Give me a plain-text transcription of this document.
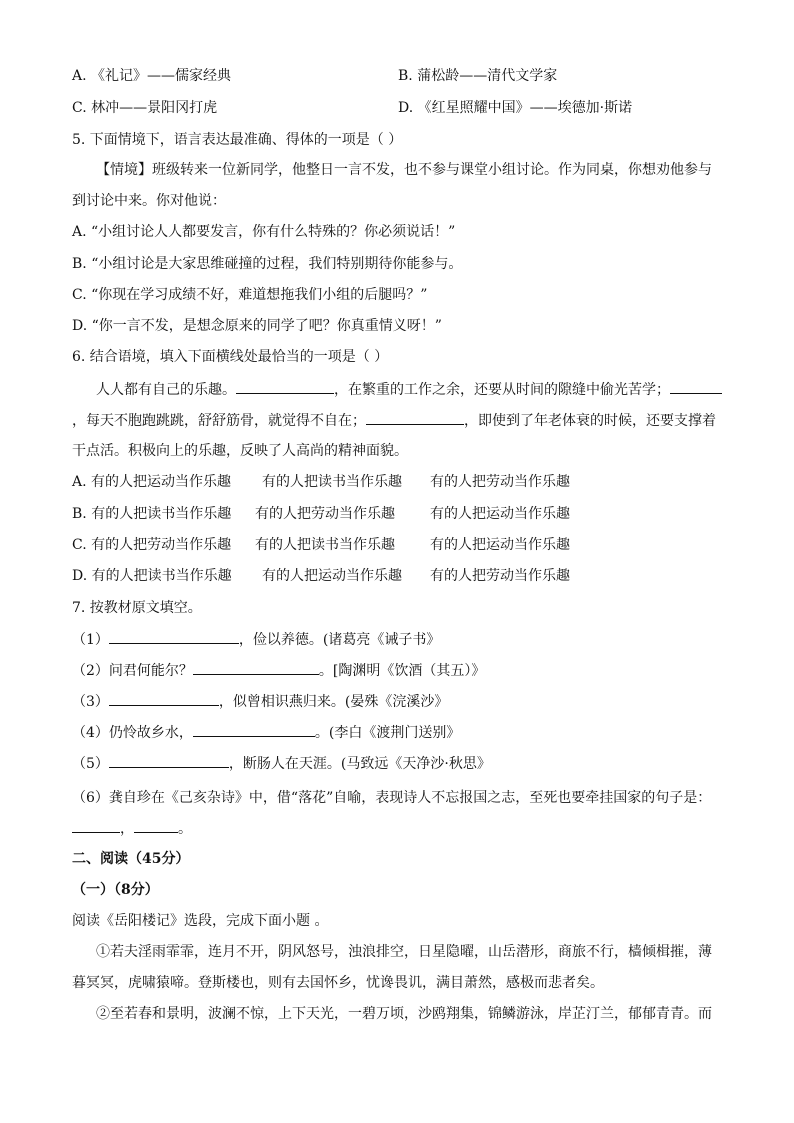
A. 《礼记》——儒家经典	B. 蒲松龄——清代文学家
C. 林冲——景阳冈打虎	D. 《红星照耀中国》——埃德加·斯诺
5. 下面情境下，语言表达最准确、得体的一项是（ ）
【情境】班级转来一位新同学，他整日一言不发，也不参与课堂小组讨论。作为同桌，你想劝他参与
到讨论中来。你对他说：
A. “小组讨论人人都要发言，你有什么特殊的？你必须说话！”
B. “小组讨论是大家思维碰撞的过程，我们特别期待你能参与。
C. “你现在学习成绩不好，难道想拖我们小组的后腿吗？”
D. “你一言不发，是想念原来的同学了吧？你真重情义呀！”
6. 结合语境，填入下面横线处最恰当的一项是（ ）
人人都有自己的乐趣。	，在繁重的工作之余，还要从时间的隙缝中偷光苦学；
，每天不胞跑跳跳，舒舒筋骨，就觉得不自在；	，即使到了年老体衰的时候，还要支撑着
干点活。积极向上的乐趣，反映了人高尚的精神面貌。
A. 有的人把运动当作乐趣 有的人把读书当作乐趣 有的人把劳动当作乐趣
B. 有的人把读书当作乐趣 有的人把劳动当作乐趣	有的人把运动当作乐趣
C. 有的人把劳动当作乐趣 有的人把读书当作乐趣	有的人把运动当作乐趣
D. 有的人把读书当作乐趣 有的人把运动当作乐趣 有的人把劳动当作乐趣
7. 按教材原文填空。
（1）	，俭以养德。(诸葛亮《诫子书》
（2）问君何能尔？	。[陶渊明《饮酒（其五）》
（3）	，似曾相识燕归来。(晏殊《浣溪沙》
（4）仍怜故乡水，	。(李白《渡荆门送别》
（5）	，断肠人在天涯。(马致远《天净沙·秋思》
（6）龚自珍在《己亥杂诗》中，借“落花”自喻，表现诗人不忘报国之志，至死也要牵挂国家的句子是：
，	。
二、阅读（45分）
（一）（8分）
阅读《岳阳楼记》选段，完成下面小题 。
①若夫淫雨霏霏，连月不开，阴风怒号，浊浪排空，日星隐曜，山岳潜形，商旅不行，樯倾楫摧，薄
暮冥冥，虎啸猿啼。登斯楼也，则有去国怀乡，忧谗畏讥，满目萧然，感极而悲者矣。
②至若春和景明，波澜不惊，上下天光，一碧万顷，沙鸥翔集，锦鳞游泳，岸芷汀兰，郁郁青青。而
